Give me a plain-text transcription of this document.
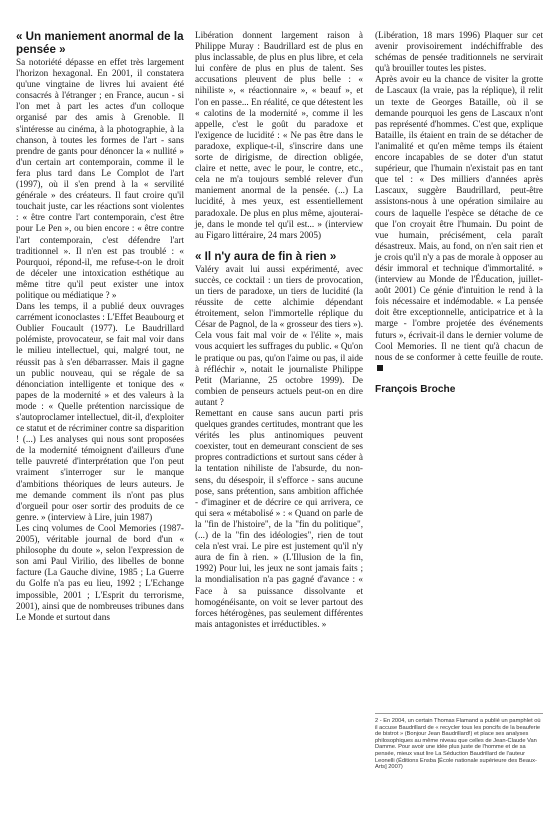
« Un maniement anormal de la pensée »

Sa notoriété dépasse en effet très largement l'horizon hexagonal. En 2001, il constatera qu'une vingtaine de livres lui avaient été consacrés à l'étranger ; en France, aucun - si l'on met à part les actes d'un colloque organisé par des amis à Grenoble. Il s'intéresse au cinéma, à la photographie, à la chanson, à toutes les formes de l'art - sans prendre de gants pour dénoncer la « nullité » d'un certain art contemporain, comme il le fera plus tard dans Le Complot de l'art (1997), où il s'en prend à la « servilité générale » des créateurs. Il faut croire qu'il touchait juste, car les réactions sont violentes : « être contre l'art contemporain, c'est être pour Le Pen », ou bien encore : « être contre l'art contemporain, c'est défendre l'art traditionnel ». Il n'en est pas troublé : « Pourquoi, répond-il, me refuse-t-on le droit de déceler une intoxication esthétique au même titre qu'il peut exister une intox politique ou médiatique ? »

Dans les temps, il a publié deux ouvrages carrément iconoclastes : L'Effet Beaubourg et Oublier Foucault (1977). Le Baudrillard polémiste, provocateur, se fait mal voir dans le milieu intellectuel, qui, malgré tout, ne réussit pas à s'en débarrasser. Mais il gagne un public nouveau, qui se régale de sa dénonciation intelligente et tonique des « papes de la modernité » et des valeurs à la mode : « Quelle prétention narcissique de s'autoproclamer intellectuel, dit-il, d'exploiter ce statut et de récriminer contre sa disparition ! (...) Les analyses qui nous sont proposées de la modernité témoignent d'ailleurs d'une telle pauvreté d'interprétation que l'on peut vraiment s'interroger sur le manque d'ambitions théoriques de leurs auteurs. Je me demande comment ils n'ont pas plus d'orgueil pour oser sortir des produits de ce genre. » (interview à Lire, juin 1987)

Les cinq volumes de Cool Memories (1987-2005), véritable journal de bord d'un « philosophe du doute », selon l'expression de son ami Paul Virilio, des libelles de bonne facture (La Gauche divine, 1985 ; La Guerre du Golfe n'a pas eu lieu, 1992 ; L'Echange impossible, 2001 ; L'Esprit du terrorisme, 2001), ainsi que de nombreuses tribunes dans Le Monde et surtout dans

Libération donnent largement raison à Philippe Muray : Baudrillard est de plus en plus inclassable, de plus en plus libre, et cela lui confère de plus en plus de talent. Ses accusations pleuvent de plus belle : « nihiliste », « réactionnaire », « beauf », et l'on en passe... En réalité, ce que détestent les « calotins de la modernité », comme il les appelle, c'est le goût du paradoxe et l'exigence de lucidité : « Ne pas être dans le paradoxe, explique-t-il, s'inscrire dans une sorte de dirigisme, de direction obligée, claire et nette, avec le pour, le contre, etc., cela ne m'a toujours semblé relever d'un maniement anormal de la pensée. (...) La lucidité, à mes yeux, est essentiellement paradoxale. De plus en plus même, ajouterai-je, dans le monde tel qu'il est... » (interview au Figaro littéraire, 24 mars 2005)

« Il n'y aura de fin à rien »

Valéry avait lui aussi expérimenté, avec succès, ce cocktail : un tiers de provocation, un tiers de paradoxe, un tiers de lucidité (la réussite de cette alchimie dépendant étroitement, selon l'immortelle réplique du César de Pagnol, de la « grosseur des tiers »). Cela vous fait mal voir de « l'élite », mais vous acquiert les suffrages du public. « Qu'on le pratique ou pas, qu'on l'aime ou pas, il aide à réfléchir », notait le journaliste Philippe Petit (Marianne, 25 octobre 1999). De combien de penseurs actuels peut-on en dire autant ?

Remettant en cause sans aucun parti pris quelques grandes certitudes, montrant que les vérités les plus antinomiques peuvent coexister, tout en demeurant conscient de ses propres contradictions et surtout sans céder à la tentation nihiliste de l'absurde, du non-sens, du désespoir, il s'efforce - sans aucune pose, sans prétention, sans ambition affichée - d'imaginer et de décrire ce qui arrivera, ce qui sera « métabolisé » : « Quand on parle de la "fin de l'histoire", de la "fin du politique", (...) de la "fin des idéologies", rien de tout cela n'est vrai. Le pire est justement qu'il n'y aura de fin à rien. » (L'Illusion de la fin, 1992) Pour lui, les jeux ne sont jamais faits ; la mondialisation n'a pas gagné d'avance : « Face à sa puissance dissolvante et homogénéisante, on voit se lever partout des forces hétérogènes, pas seulement différentes mais antagonistes et irréductibles. »

(Libération, 18 mars 1996) Plaquer sur cet avenir provisoirement indéchiffrable des schémas de pensée traditionnels ne servirait qu'à brouiller toutes les pistes.

Après avoir eu la chance de visiter la grotte de Lascaux (la vraie, pas la réplique), il relit un texte de Georges Bataille, où il se demande pourquoi les gens de Lascaux n'ont pas représenté d'hommes. C'est que, explique Bataille, ils étaient en train de se détacher de l'animalité et qu'en même temps ils étaient encore incapables de se doter d'un statut supérieur, que l'humain n'existait pas en tant que tel : « Des milliers d'années après Lascaux, suggère Baudrillard, peut-être assistons-nous à une opération similaire au cours de laquelle l'espèce se détache de ce que l'on croyait être l'humain. Du point de vue humain, précisément, cela paraît désastreux. Mais, au fond, on n'en sait rien et je crois qu'il n'y a pas de morale à opposer au désir immoral et technique d'immortalité. » (interview au Monde de l'Éducation, juillet-août 2001) Ce génie d'intuition le rend à la fois nécessaire et indémodable. « La pensée doit être exceptionnelle, anticipatrice et à la marge - l'ombre projetée des événements futurs », écrivait-il dans le dernier volume de Cool Memories. Il ne tient qu'à chacun de nous de se conformer à cette feuille de route.

François Broche
2 - En 2004, un certain Thomas Flamand a publié un pamphlet où il accuse Baudrillard de « recycler tous les poncifs de la beauferie de bistrot » (Bonjour Jean Baudrillard!) et place ses analyses philosophiques au même niveau que celles de Jean-Claude Van Damme. Pour avoir une idée plus juste de l'homme et de sa pensée, mieux vaut lire La Séduction Baudrillard de l'auteur Leonelli (Éditions Ensba [École nationale supérieure des Beaux-Arts] 2007)
